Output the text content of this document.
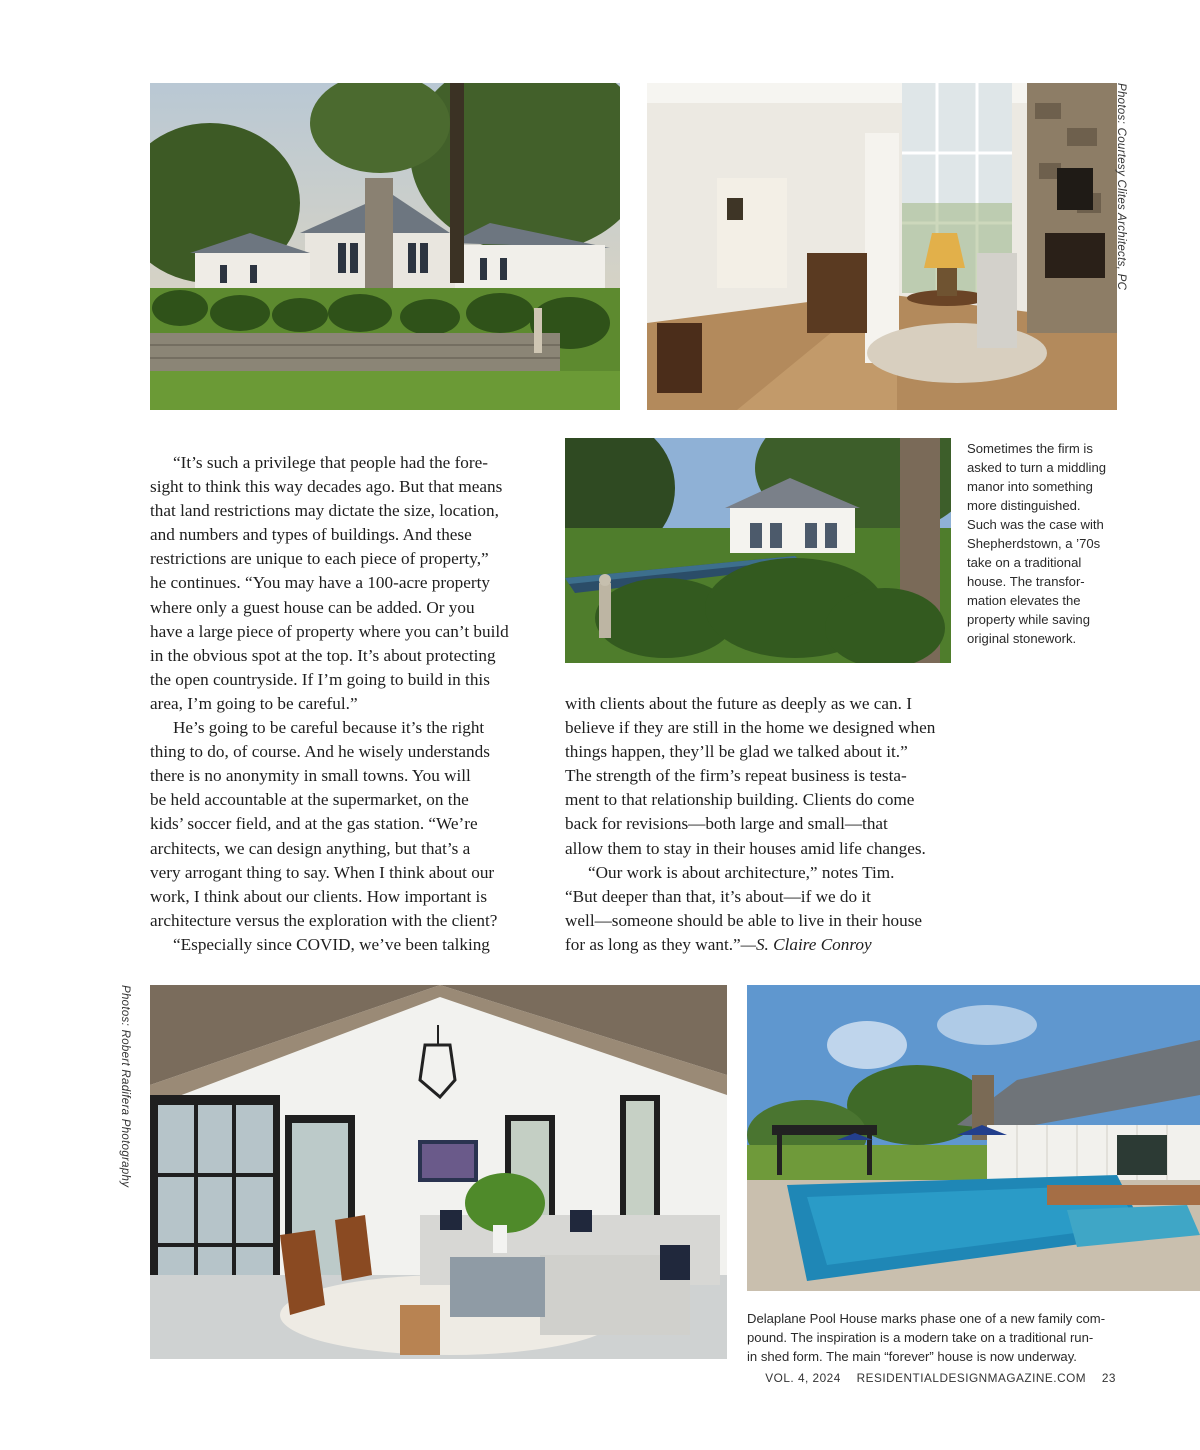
Photos: Courtesy Clites Architects, PC
Photos: Robert Radifera Photography
Sometimes the firm is
asked to turn a middling
manor into something
more distinguished.
Such was the case with
Shepherdstown, a ’70s
take on a traditional
house. The transfor-
mation elevates the
property while saving
original stonework.

“It’s such a privilege that people had the fore-

sight to think this way decades ago. But that means

that land restrictions may dictate the size, location,

and numbers and types of buildings. And these

restrictions are unique to each piece of property,”

he continues. “You may have a 100-acre property

where only a guest house can be added. Or you

have a large piece of property where you can’t build

in the obvious spot at the top. It’s about protecting

the open countryside. If I’m going to build in this

area, I’m going to be careful.”

He’s going to be careful because it’s the right

thing to do, of course. And he wisely understands

there is no anonymity in small towns. You will

be held accountable at the supermarket, on the

kids’ soccer field, and at the gas station. “We’re

architects, we can design anything, but that’s a

very arrogant thing to say. When I think about our

work, I think about our clients. How important is

architecture versus the exploration with the client?

“Especially since COVID, we’ve been talking

with clients about the future as deeply as we can. I

believe if they are still in the home we designed when

things happen, they’ll be glad we talked about it.”

The strength of the firm’s repeat business is testa-

ment to that relationship building. Clients do come

back for revisions—both large and small—that

allow them to stay in their houses amid life changes.

“Our work is about architecture,” notes Tim.

“But deeper than that, it’s about—if we do it

well—someone should be able to live in their house

for as long as they want.”—S. Claire Conroy

Delaplane Pool House marks phase one of a new family com-
pound. The inspiration is a modern take on a traditional run-
in shed form. The main “forever” house is now underway.
VOL. 4, 2024 RESIDENTIALDESIGNMAGAZINE.COM 23
